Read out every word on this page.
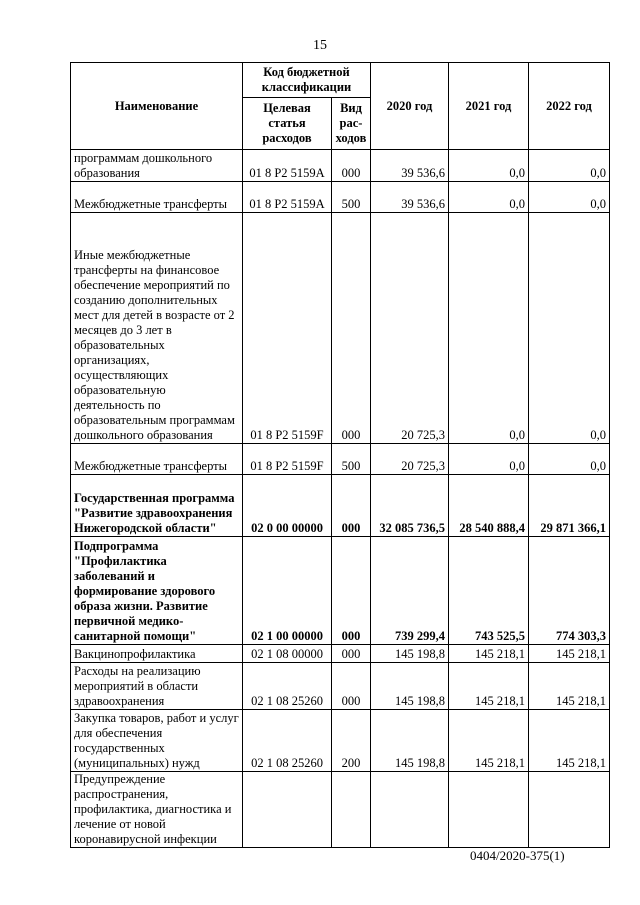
15
Наименование	Код бюджетной классификации		2020 год	2021 год	2022 год
	Целевая статья расходов	Вид рас-ходов			
программам дошкольного образования	01 8 P2 5159A	000	39 536,6	0,0	0,0
Межбюджетные трансферты	01 8 P2 5159A	500	39 536,6	0,0	0,0
Иные межбюджетные трансферты на финансовое обеспечение мероприятий по созданию дополнительных мест для детей в возрасте от 2 месяцев до 3 лет в образовательных организациях, осуществляющих образовательную деятельность по образовательным программам дошкольного образования	01 8 P2 5159F	000	20 725,3	0,0	0,0
Межбюджетные трансферты	01 8 P2 5159F	500	20 725,3	0,0	0,0
Государственная программа "Развитие здравоохранения Нижегородской области"	02 0 00 00000	000	32 085 736,5	28 540 888,4	29 871 366,1
Подпрограмма "Профилактика заболеваний и формирование здорового образа жизни. Развитие первичной медико-санитарной помощи"	02 1 00 00000	000	739 299,4	743 525,5	774 303,3
Вакцинопрофилактика	02 1 08 00000	000	145 198,8	145 218,1	145 218,1
Расходы на реализацию мероприятий в области здравоохранения	02 1 08 25260	000	145 198,8	145 218,1	145 218,1
Закупка товаров, работ и услуг для обеспечения государственных (муниципальных) нужд	02 1 08 25260	200	145 198,8	145 218,1	145 218,1
Предупреждение распространения, профилактика, диагностика и лечение от новой коронавирусной инфекции					
0404/2020-375(1)
